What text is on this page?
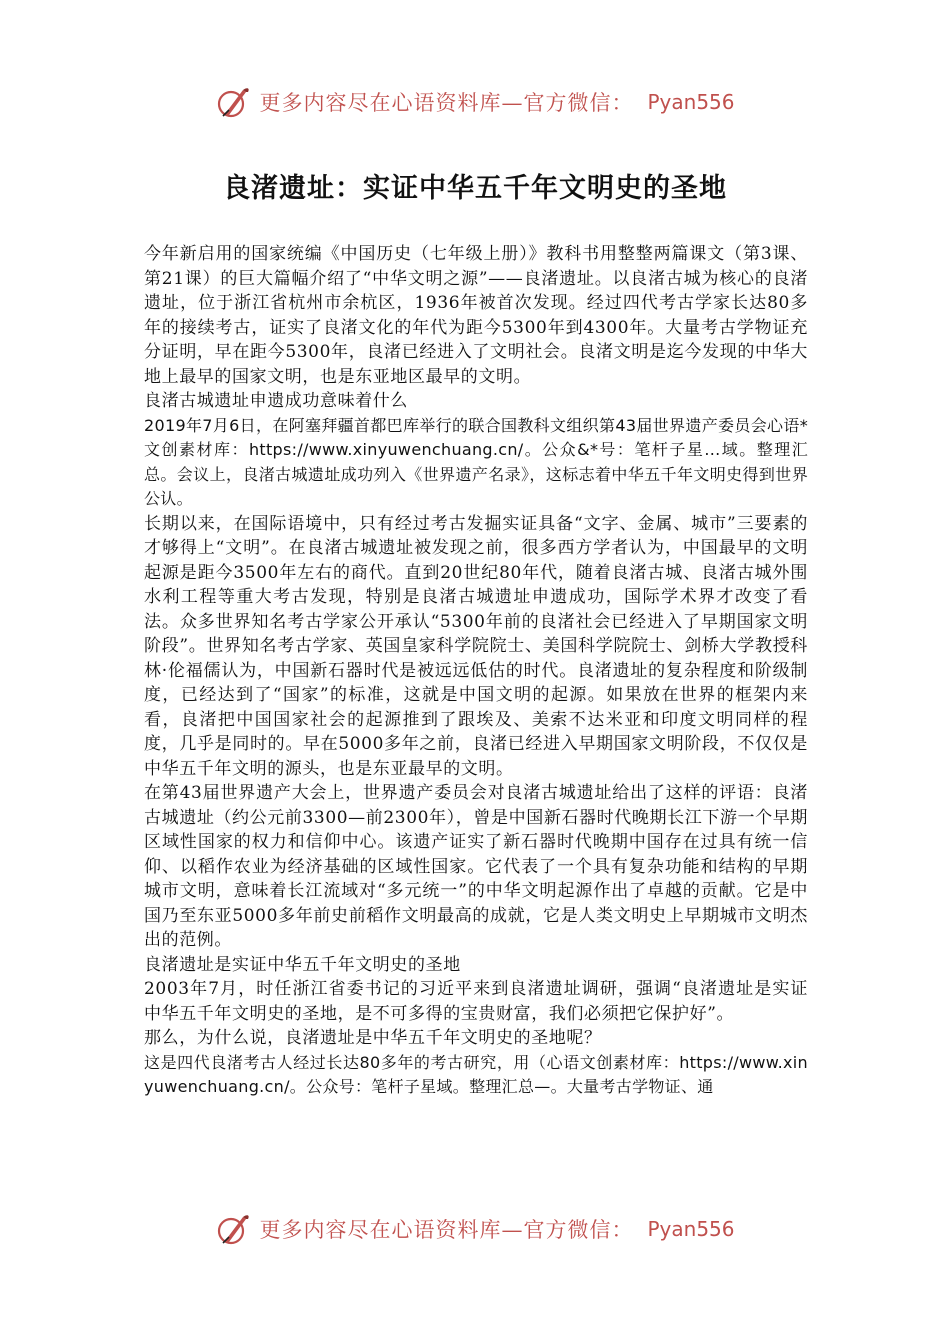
更多内容尽在心语资料库—官方微信： Pyan556
良渚遗址：实证中华五千年文明史的圣地

今年新启用的国家统编《中国历史（七年级上册）》教科书用整整两篇课文（第3课、第21课）的巨大篇幅介绍了“中华文明之源”——良渚遗址。以良渚古城为核心的良渚遗址，位于浙江省杭州市余杭区，1936年被首次发现。经过四代考古学家长达80多年的接续考古，证实了良渚文化的年代为距今5300年到4300年。大量考古学物证充分证明，早在距今5300年，良渚已经进入了文明社会。良渚文明是迄今发现的中华大地上最早的国家文明，也是东亚地区最早的文明。

良渚古城遗址申遗成功意味着什么

2019年7月6日，在阿塞拜疆首都巴库举行的联合国教科文组织第43届世界遗产委员会心语*文创素材库：https://www.xinyuwenchuang.cn/。公众&*号：笔杆子星...域。整理汇总。会议上，良渚古城遗址成功列入《世界遗产名录》，这标志着中华五千年文明史得到世界公认。

长期以来，在国际语境中，只有经过考古发掘实证具备“文字、金属、城市”三要素的才够得上“文明”。在良渚古城遗址被发现之前，很多西方学者认为，中国最早的文明起源是距今3500年左右的商代。直到20世纪80年代，随着良渚古城、良渚古城外围水利工程等重大考古发现，特别是良渚古城遗址申遗成功，国际学术界才改变了看法。众多世界知名考古学家公开承认“5300年前的良渚社会已经进入了早期国家文明阶段”。世界知名考古学家、英国皇家科学院院士、美国科学院院士、剑桥大学教授科林·伦福儒认为，中国新石器时代是被远远低估的时代。良渚遗址的复杂程度和阶级制度，已经达到了“国家”的标准，这就是中国文明的起源。如果放在世界的框架内来看，良渚把中国国家社会的起源推到了跟埃及、美索不达米亚和印度文明同样的程度，几乎是同时的。早在5000多年之前，良渚已经进入早期国家文明阶段，不仅仅是中华五千年文明的源头，也是东亚最早的文明。

在第43届世界遗产大会上，世界遗产委员会对良渚古城遗址给出了这样的评语：良渚古城遗址（约公元前3300—前2300年），曾是中国新石器时代晚期长江下游一个早期区域性国家的权力和信仰中心。该遗产证实了新石器时代晚期中国存在过具有统一信仰、以稻作农业为经济基础的区域性国家。它代表了一个具有复杂功能和结构的早期城市文明，意味着长江流域对“多元统一”的中华文明起源作出了卓越的贡献。它是中国乃至东亚5000多年前史前稻作文明最高的成就，它是人类文明史上早期城市文明杰出的范例。

良渚遗址是实证中华五千年文明史的圣地

2003年7月，时任浙江省委书记的习近平来到良渚遗址调研，强调“良渚遗址是实证中华五千年文明史的圣地，是不可多得的宝贵财富，我们必须把它保护好”。

那么，为什么说，良渚遗址是中华五千年文明史的圣地呢？

这是四代良渚考古人经过长达80多年的考古研究，用（心语文创素材库：https://www.xinyuwenchuang.cn/。公众号：笔杆子星域。整理汇总—。大量考古学物证、通

更多内容尽在心语资料库—官方微信： Pyan556
